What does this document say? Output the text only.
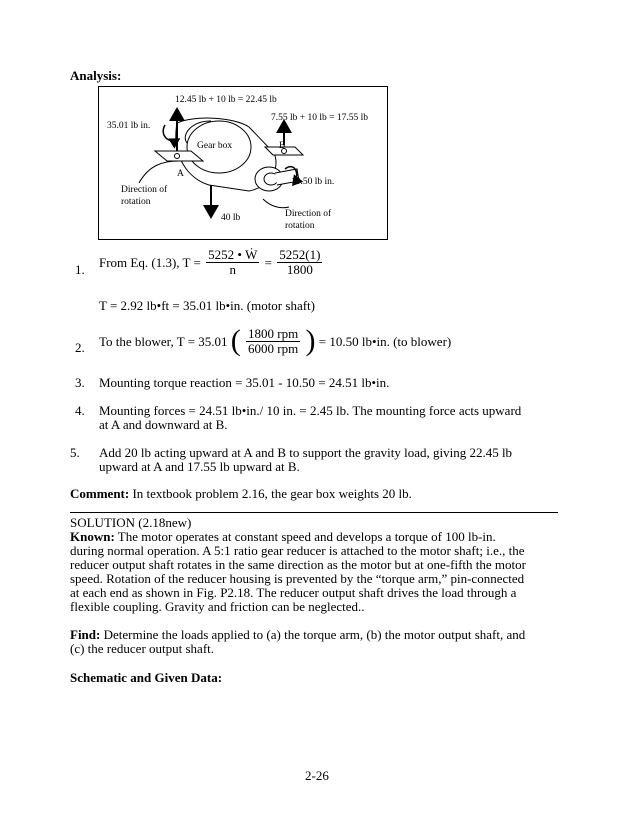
Analysis:
12.45 lb + 10 lb = 22.45 lb
7.55 lb + 10 lb = 17.55 lb
35.01 lb in.
Gear box
A
B
10.50 lb in.
Direction of
rotation
40 lb	Direction of
rotation
1. From Eq. (1.3), $T = \frac{\text{5252 • Ẇ}}{n} = \frac{5252(1)}{1800}$
T = 2.92 lb•ft = 35.01 lb•in. (motor shaft)
2. To the blower, T = 35.01 ( $\frac{\text{1800 rpm}}{\text{6000 rpm}}$ ) = 10.50 lb•in. (to blower)
3. Mounting torque reaction = 35.01 - 10.50 = 24.51 lb•in.
4. Mounting forces = 24.51 lb•in./ 10 in. = 2.45 lb. The mounting force acts upward
at A and downward at B.
5. Add 20 lb acting upward at A and B to support the gravity load, giving 22.45 lb
upward at A and 17.55 lb upward at B.
Comment: In textbook problem 2.16, the gear box weights 20 lb.
SOLUTION (2.18new)
Known: The motor operates at constant speed and develops a torque of 100 lb-in.
during normal operation. A 5:1 ratio gear reducer is attached to the motor shaft; i.e., the
reducer output shaft rotates in the same direction as the motor but at one-fifth the motor
speed. Rotation of the reducer housing is prevented by the “torque arm,” pin-connected
at each end as shown in Fig. P2.18. The reducer output shaft drives the load through a
flexible coupling. Gravity and friction can be neglected..
Find: Determine the loads applied to (a) the torque arm, (b) the motor output shaft, and
(c) the reducer output shaft.
Schematic and Given Data:
2-26
